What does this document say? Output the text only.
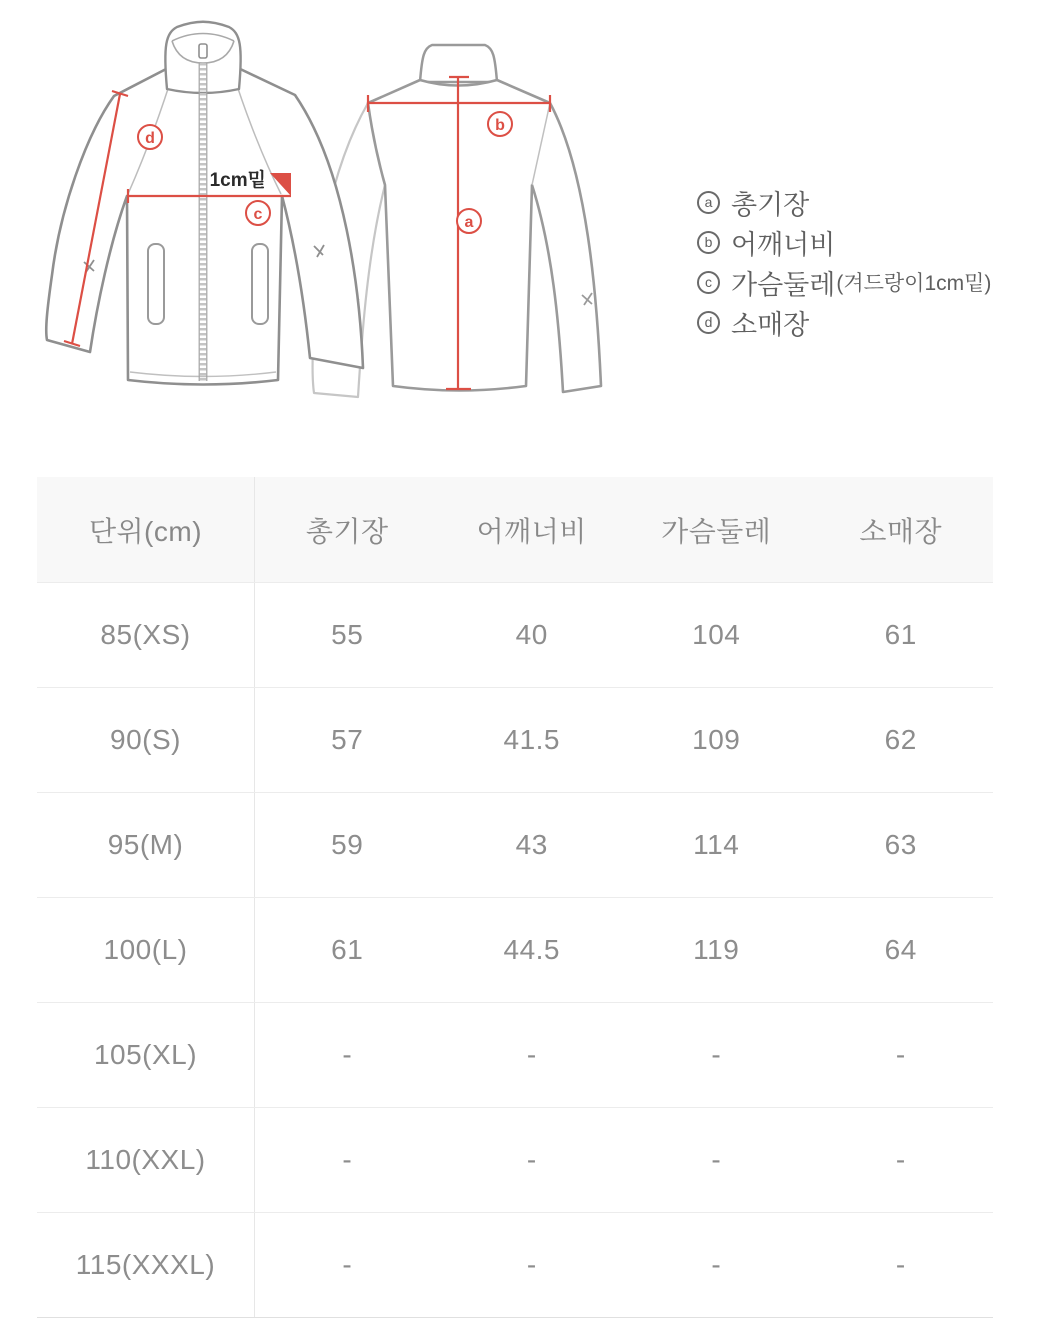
a
b
d
c
1cm밑
a 총기장
b 어깨너비
c 가슴둘레 (겨드랑이1cm밑)
d 소매장
단위(cm)	총기장	어깨너비	가슴둘레	소매장
85(XS)	55	40	104	61
90(S)	57	41.5	109	62
95(M)	59	43	114	63
100(L)	61	44.5	119	64
105(XL)	-	-	-	-
110(XXL)	-	-	-	-
115(XXXL)	-	-	-	-
